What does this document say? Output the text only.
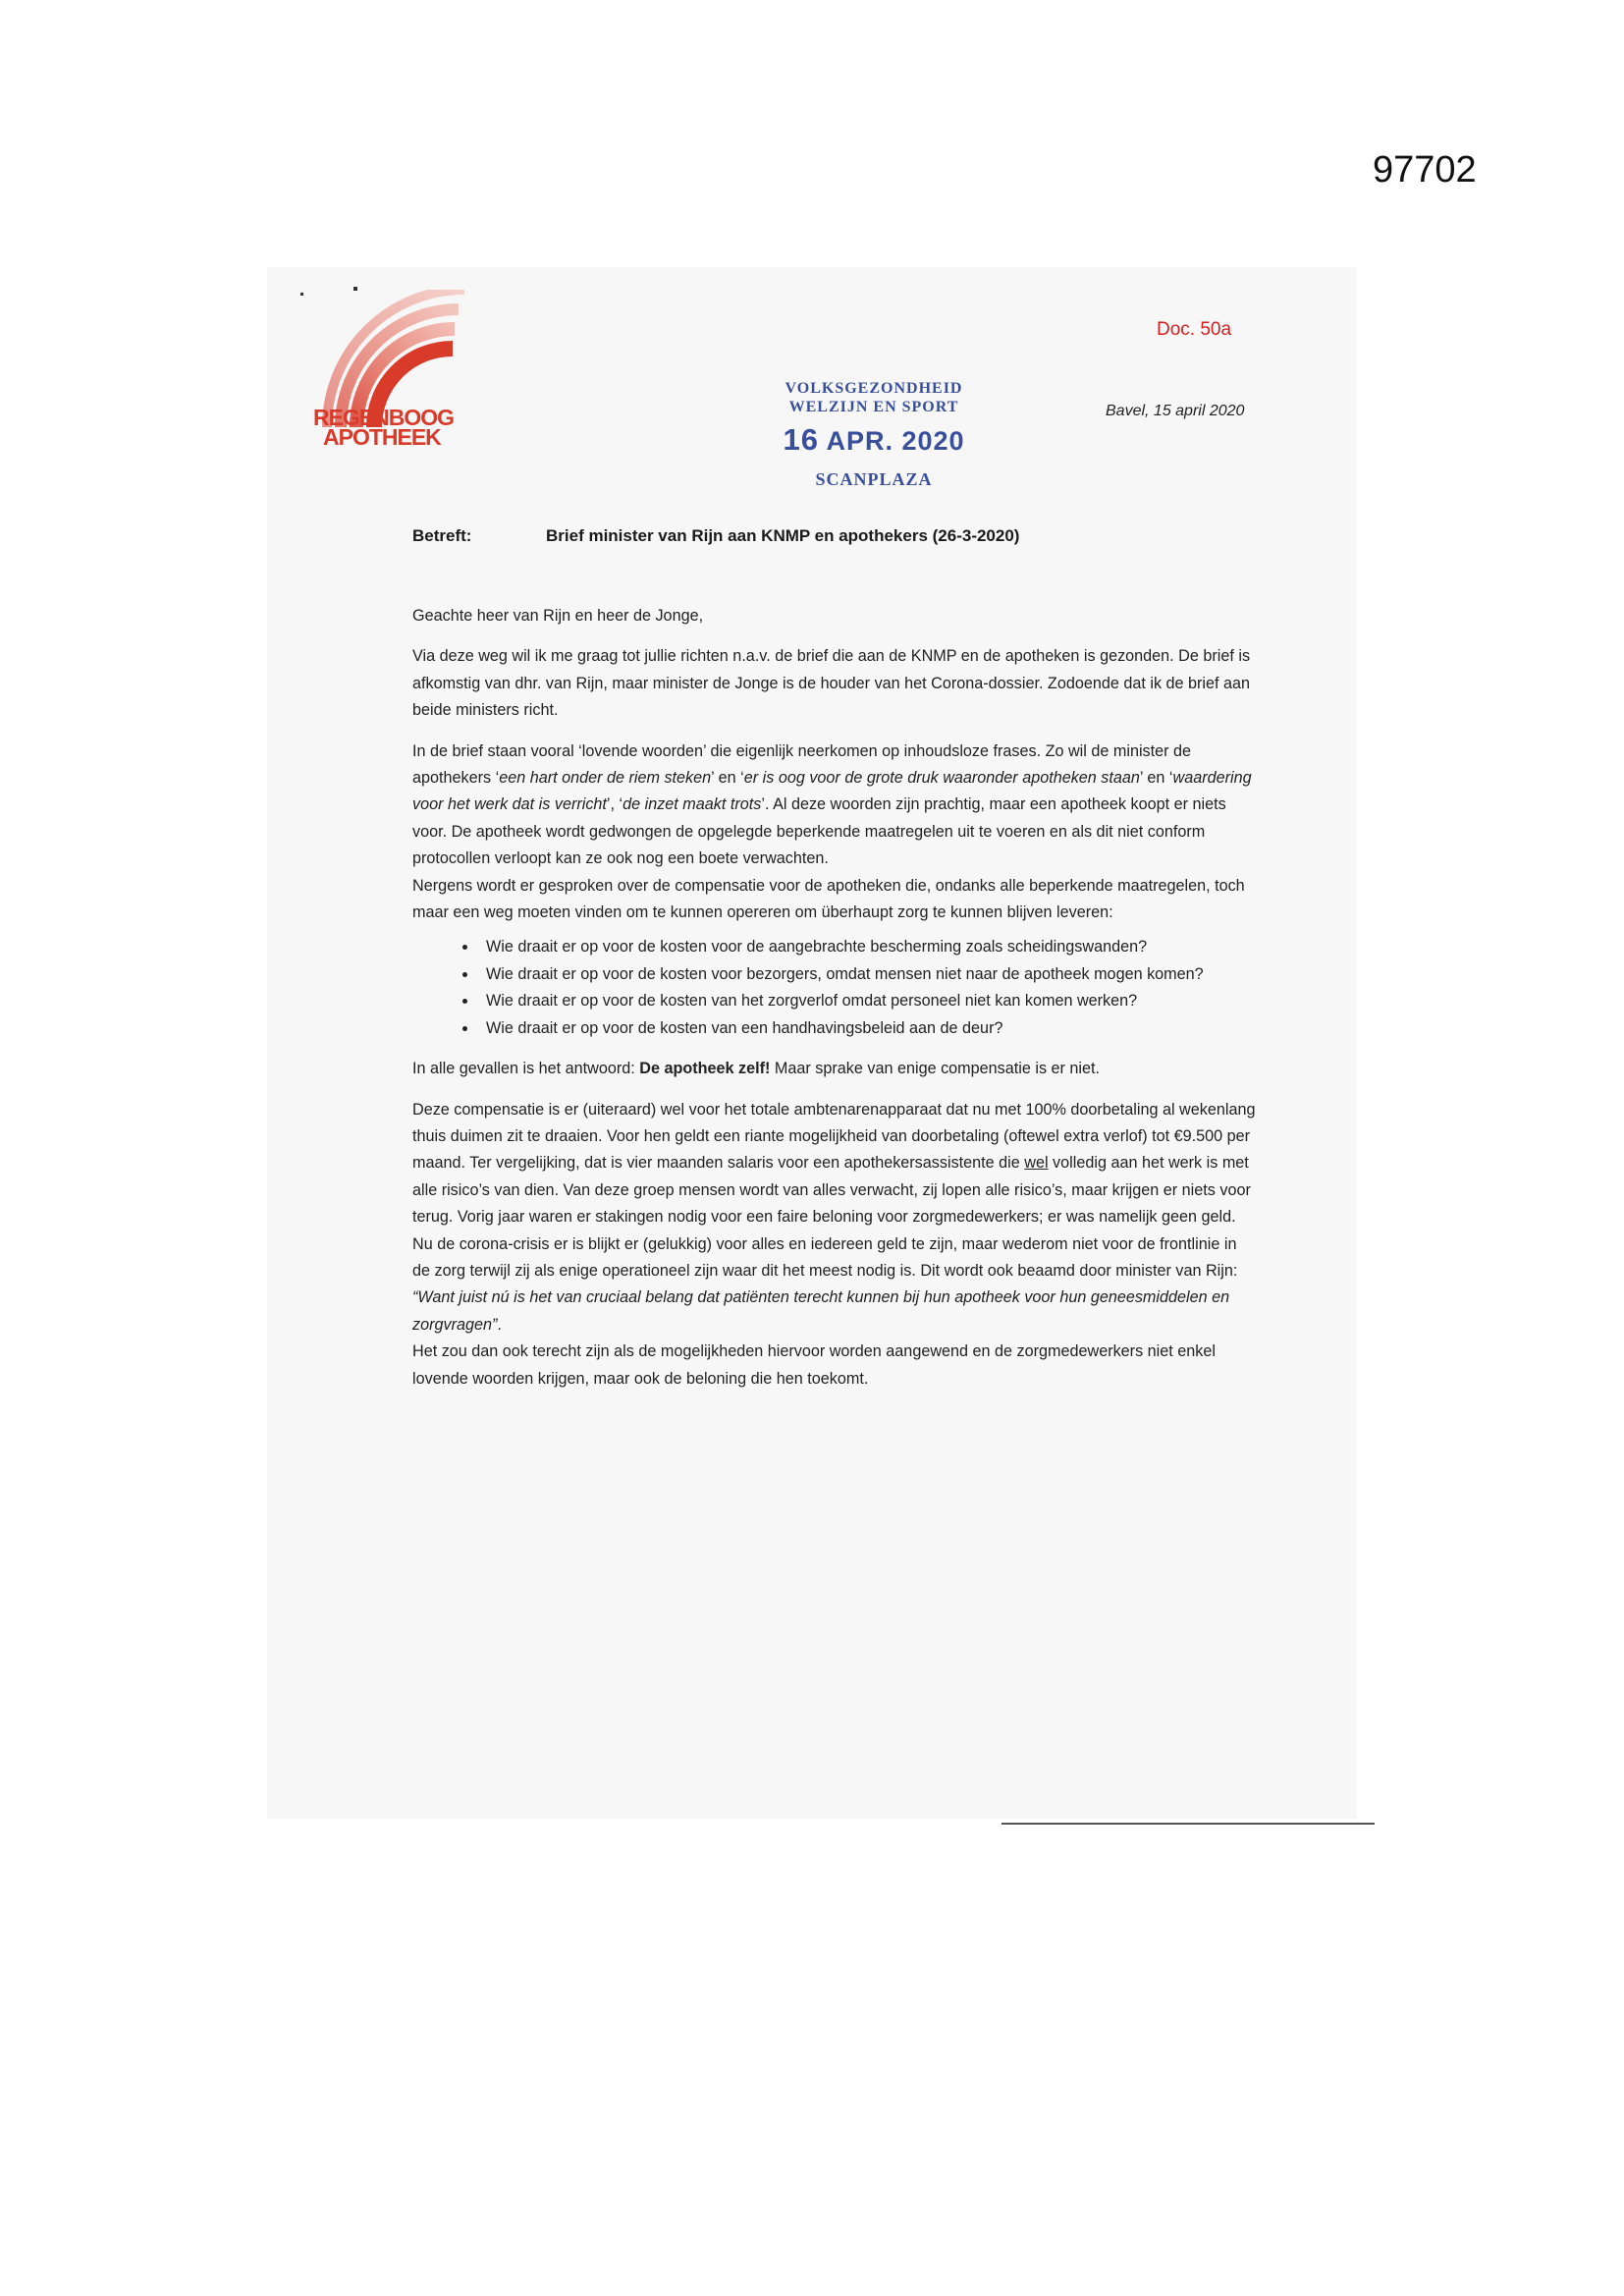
97702
REGENBOOG
APOTHEEK
Doc. 50a
VOLKSGEZONDHEID
WELZIJN EN SPORT
16 APR. 2020
SCANPLAZA
Bavel, 15 april 2020
Betreft:	Brief minister van Rijn aan KNMP en apothekers (26-3-2020)

Geachte heer van Rijn en heer de Jonge,

Via deze weg wil ik me graag tot jullie richten n.a.v. de brief die aan de KNMP en de apotheken is gezonden. De brief is afkomstig van dhr. van Rijn, maar minister de Jonge is de houder van het Corona-dossier. Zodoende dat ik de brief aan beide ministers richt.

In de brief staan vooral ‘lovende woorden’ die eigenlijk neerkomen op inhoudsloze frases. Zo wil de minister de apothekers ‘een hart onder de riem steken’ en ‘er is oog voor de grote druk waaronder apotheken staan’ en ‘waardering voor het werk dat is verricht’, ‘de inzet maakt trots’. Al deze woorden zijn prachtig, maar een apotheek koopt er niets voor. De apotheek wordt gedwongen de opgelegde beperkende maatregelen uit te voeren en als dit niet conform protocollen verloopt kan ze ook nog een boete verwachten.

Nergens wordt er gesproken over de compensatie voor de apotheken die, ondanks alle beperkende maatregelen, toch maar een weg moeten vinden om te kunnen opereren om überhaupt zorg te kunnen blijven leveren:

• Wie draait er op voor de kosten voor de aangebrachte bescherming zoals scheidingswanden?
• Wie draait er op voor de kosten voor bezorgers, omdat mensen niet naar de apotheek mogen komen?
• Wie draait er op voor de kosten van het zorgverlof omdat personeel niet kan komen werken?
• Wie draait er op voor de kosten van een handhavingsbeleid aan de deur?

In alle gevallen is het antwoord: De apotheek zelf! Maar sprake van enige compensatie is er niet.

Deze compensatie is er (uiteraard) wel voor het totale ambtenarenapparaat dat nu met 100% doorbetaling al wekenlang thuis duimen zit te draaien. Voor hen geldt een riante mogelijkheid van doorbetaling (oftewel extra verlof) tot €9.500 per maand. Ter vergelijking, dat is vier maanden salaris voor een apothekersassistente die wel volledig aan het werk is met alle risico’s van dien. Van deze groep mensen wordt van alles verwacht, zij lopen alle risico’s, maar krijgen er niets voor terug. Vorig jaar waren er stakingen nodig voor een faire beloning voor zorgmedewerkers; er was namelijk geen geld. Nu de corona-crisis er is blijkt er (gelukkig) voor alles en iedereen geld te zijn, maar wederom niet voor de frontlinie in de zorg terwijl zij als enige operationeel zijn waar dit het meest nodig is. Dit wordt ook beaamd door minister van Rijn: “Want juist nú is het van cruciaal belang dat patiënten terecht kunnen bij hun apotheek voor hun geneesmiddelen en zorgvragen”.

Het zou dan ook terecht zijn als de mogelijkheden hiervoor worden aangewend en de zorgmedewerkers niet enkel lovende woorden krijgen, maar ook de beloning die hen toekomt.
